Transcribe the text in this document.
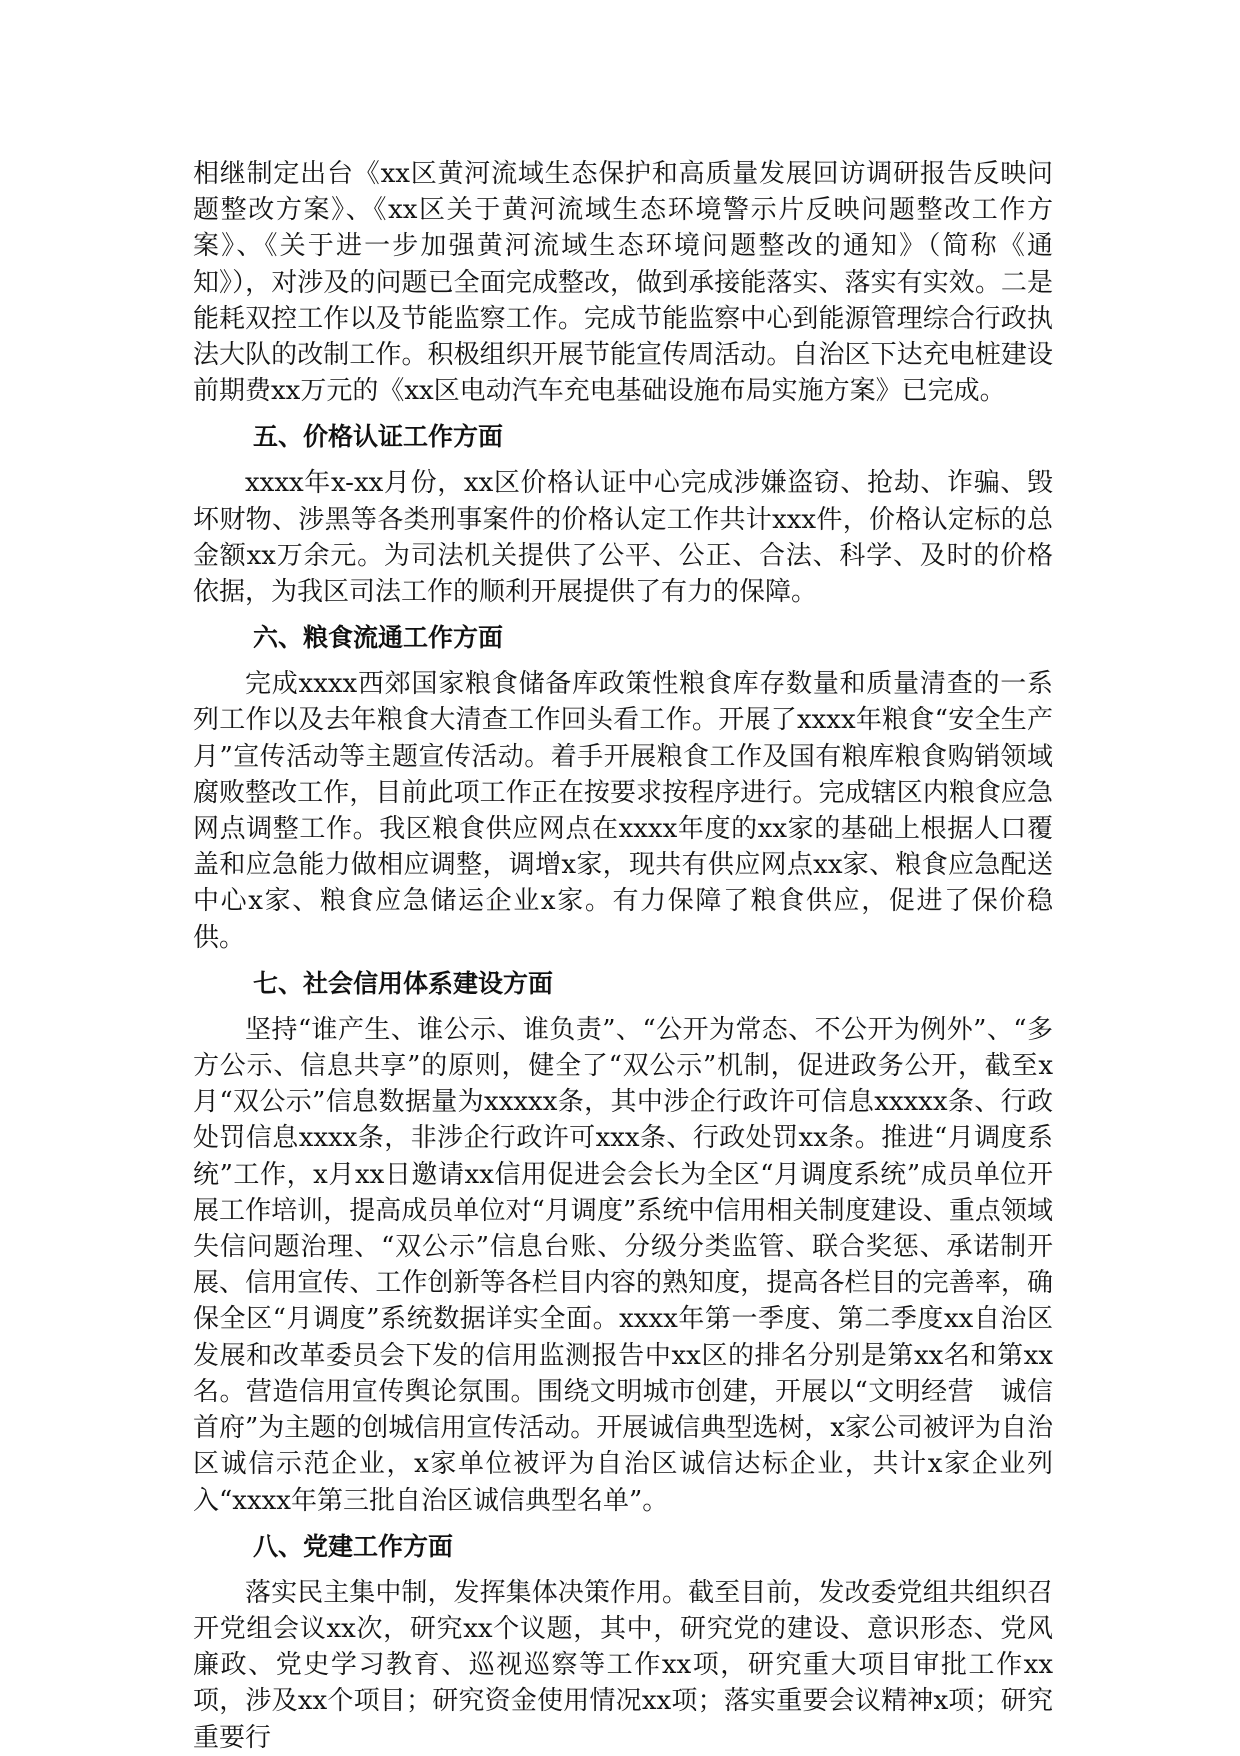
相继制定出台《xx区黄河流域生态保护和高质量发展回访调研报告反映问题整改方案》、《xx区关于黄河流域生态环境警示片反映问题整改工作方案》、《关于进一步加强黄河流域生态环境问题整改的通知》（简称《通知》），对涉及的问题已全面完成整改，做到承接能落实、落实有实效。二是能耗双控工作以及节能监察工作。完成节能监察中心到能源管理综合行政执法大队的改制工作。积极组织开展节能宣传周活动。自治区下达充电桩建设前期费xx万元的《xx区电动汽车充电基础设施布局实施方案》已完成。

五、价格认证工作方面

xxxx年x-xx月份，xx区价格认证中心完成涉嫌盗窃、抢劫、诈骗、毁坏财物、涉黑等各类刑事案件的价格认定工作共计xxx件，价格认定标的总金额xx万余元。为司法机关提供了公平、公正、合法、科学、及时的价格依据，为我区司法工作的顺利开展提供了有力的保障。

六、粮食流通工作方面

完成xxxx西郊国家粮食储备库政策性粮食库存数量和质量清查的一系列工作以及去年粮食大清查工作回头看工作。开展了xxxx年粮食“安全生产月”宣传活动等主题宣传活动。着手开展粮食工作及国有粮库粮食购销领域腐败整改工作，目前此项工作正在按要求按程序进行。完成辖区内粮食应急网点调整工作。我区粮食供应网点在xxxx年度的xx家的基础上根据人口覆盖和应急能力做相应调整，调增x家，现共有供应网点xx家、粮食应急配送中心x家、粮食应急储运企业x家。有力保障了粮食供应，促进了保价稳供。

七、社会信用体系建设方面

坚持“谁产生、谁公示、谁负责”、“公开为常态、不公开为例外”、“多方公示、信息共享”的原则，健全了“双公示”机制，促进政务公开，截至x月“双公示”信息数据量为xxxxx条，其中涉企行政许可信息xxxxx条、行政处罚信息xxxx条，非涉企行政许可xxx条、行政处罚xx条。推进“月调度系统”工作，x月xx日邀请xx信用促进会会长为全区“月调度系统”成员单位开展工作培训，提高成员单位对“月调度”系统中信用相关制度建设、重点领域失信问题治理、“双公示”信息台账、分级分类监管、联合奖惩、承诺制开展、信用宣传、工作创新等各栏目内容的熟知度，提高各栏目的完善率，确保全区“月调度”系统数据详实全面。xxxx年第一季度、第二季度xx自治区发展和改革委员会下发的信用监测报告中xx区的排名分别是第xx名和第xx名。营造信用宣传舆论氛围。围绕文明城市创建，开展以“文明经营　诚信首府”为主题的创城信用宣传活动。开展诚信典型选树，x家公司被评为自治区诚信示范企业，x家单位被评为自治区诚信达标企业，共计x家企业列入“xxxx年第三批自治区诚信典型名单”。

八、党建工作方面

落实民主集中制，发挥集体决策作用。截至目前，发改委党组共组织召开党组会议xx次，研究xx个议题，其中，研究党的建设、意识形态、党风廉政、党史学习教育、巡视巡察等工作xx项，研究重大项目审批工作xx项，涉及xx个项目；研究资金使用情况xx项；落实重要会议精神x项；研究重要行
